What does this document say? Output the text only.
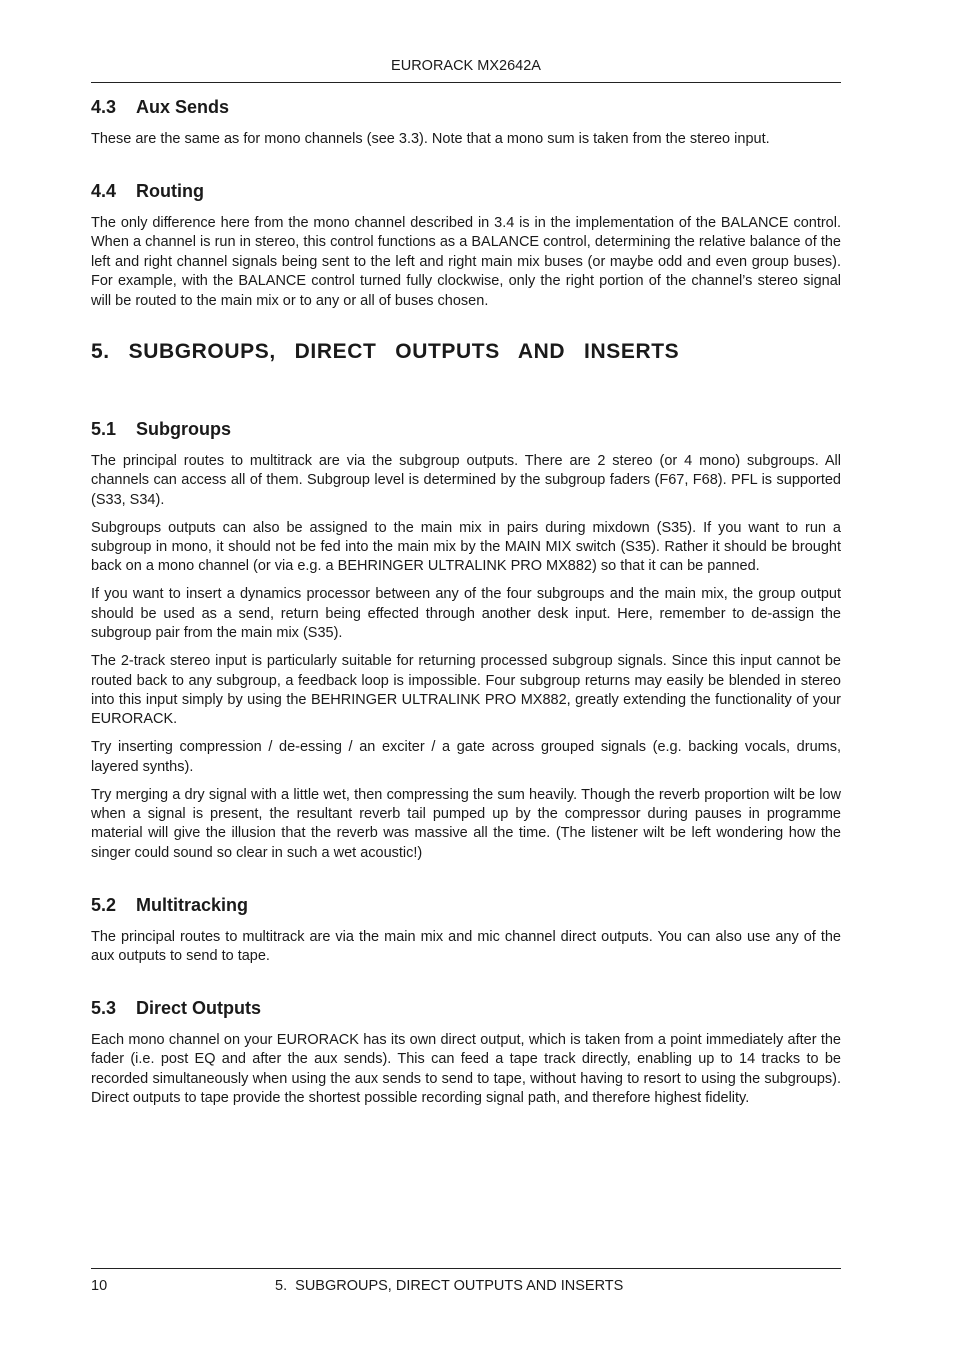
EURORACK MX2642A
4.3 Aux Sends

These are the same as for mono channels (see 3.3). Note that a mono sum is taken from the stereo input.

4.4 Routing

The only difference here from the mono channel described in 3.4 is in the implementation of the BALANCE control. When a channel is run in stereo, this control functions as a BALANCE control, determining the relative balance of the left and right channel signals being sent to the left and right main mix buses (or maybe odd and even group buses). For example, with the BALANCE control turned fully clockwise, only the right portion of the channel’s stereo signal will be routed to the main mix or to any or all of buses chosen.

5.  SUBGROUPS,  DIRECT  OUTPUTS  AND  INSERTS
5.1 Subgroups

The principal routes to multitrack are via the subgroup outputs. There are 2 stereo (or 4 mono) subgroups. All channels can access all of them. Subgroup level is determined by the subgroup faders (F67, F68). PFL is supported (S33, S34).

Subgroups outputs can also be assigned to the main mix in pairs during mixdown (S35). If you want to run a subgroup in mono, it should not be fed into the main mix by the MAIN MIX switch (S35). Rather it should be brought back on a mono channel (or via e.g. a BEHRINGER ULTRALINK PRO MX882) so that it can be panned.

If you want to insert a dynamics processor between any of the four subgroups and the main mix, the group output should be used as a send, return being effected through another desk input. Here, remember to de-assign the subgroup pair from the main mix (S35).

The 2-track stereo input is particularly suitable for returning processed subgroup signals. Since this input cannot be routed back to any subgroup, a feedback loop is impossible. Four subgroup returns may easily be blended in stereo into this input simply by using the BEHRINGER ULTRALINK PRO MX882, greatly extending the functionality of your EURORACK.

Try inserting compression / de-essing / an exciter / a gate across grouped signals (e.g. backing vocals, drums, layered synths).

Try merging a dry signal with a little wet, then compressing the sum heavily. Though the reverb proportion wilt be low when a signal is present, the resultant reverb tail pumped up by the compressor during pauses in programme material will give the illusion that the reverb was massive all the time. (The listener wilt be left wondering how the singer could sound so clear in such a wet acoustic!)

5.2 Multitracking

The principal routes to multitrack are via the main mix and mic channel direct outputs. You can also use any of the aux outputs to send to tape.

5.3 Direct Outputs

Each mono channel on your EURORACK has its own direct output, which is taken from a point immediately after the fader (i.e. post EQ and after the aux sends). This can feed a tape track directly, enabling up to 14 tracks to be recorded simultaneously when using the aux sends to send to tape, without having to resort to using the subgroups). Direct outputs to tape provide the shortest possible recording signal path, and therefore highest fidelity.

10	5.  SUBGROUPS, DIRECT OUTPUTS AND INSERTS
